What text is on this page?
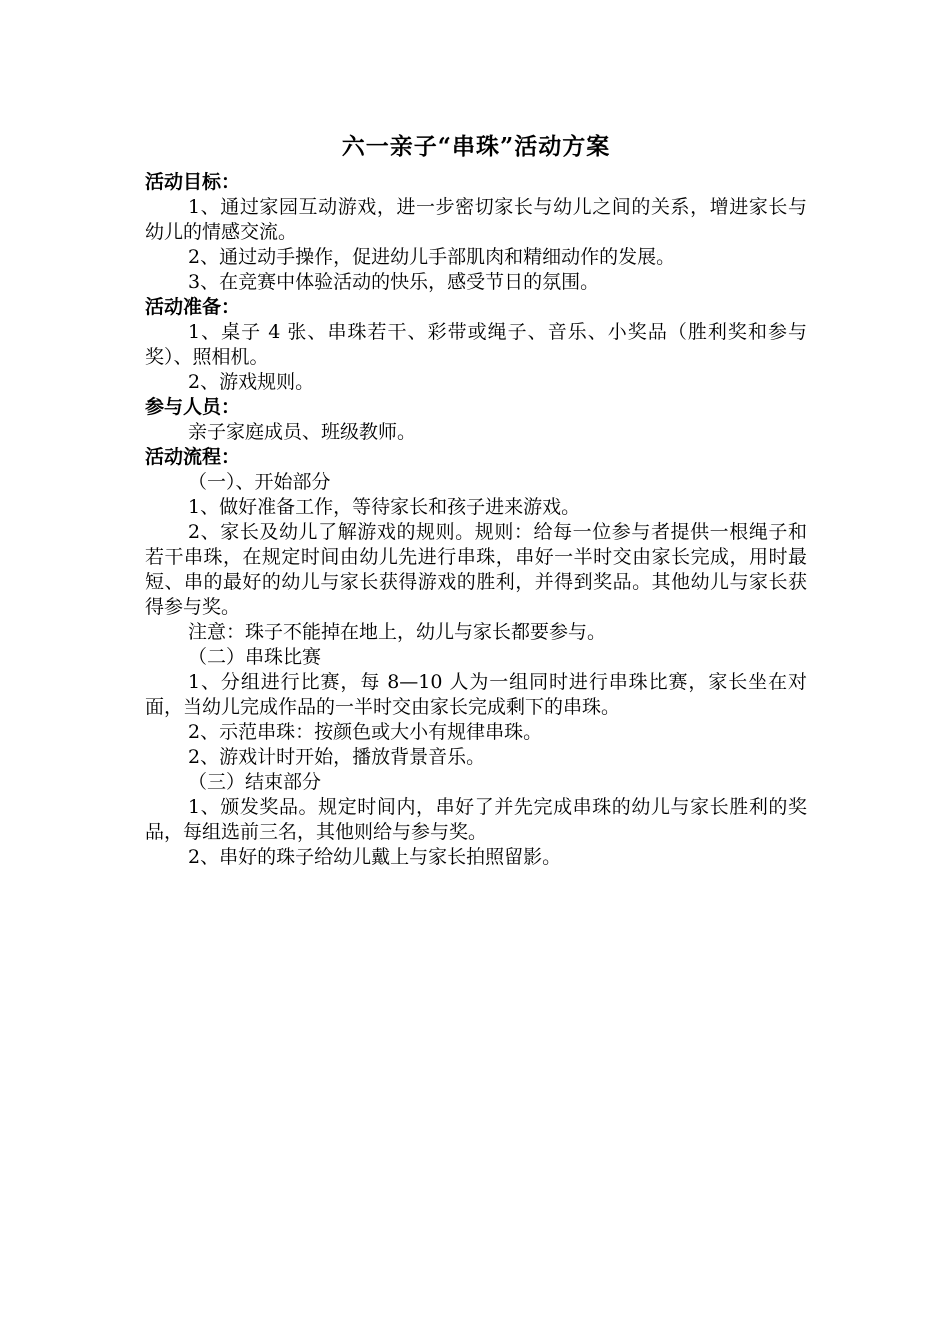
六一亲子“串珠”活动方案

活动目标：

1、通过家园互动游戏，进一步密切家长与幼儿之间的关系，增进家长与幼儿的情感交流。

2、通过动手操作，促进幼儿手部肌肉和精细动作的发展。

3、在竞赛中体验活动的快乐，感受节日的氛围。

活动准备：

1、桌子 4 张、串珠若干、彩带或绳子、音乐、小奖品（胜利奖和参与奖）、照相机。

2、游戏规则。

参与人员：

亲子家庭成员、班级教师。

活动流程：

（一）、开始部分

1、做好准备工作，等待家长和孩子进来游戏。

2、家长及幼儿了解游戏的规则。规则：给每一位参与者提供一根绳子和若干串珠，在规定时间由幼儿先进行串珠，串好一半时交由家长完成，用时最短、串的最好的幼儿与家长获得游戏的胜利，并得到奖品。其他幼儿与家长获得参与奖。

注意：珠子不能掉在地上，幼儿与家长都要参与。

（二）串珠比赛

1、分组进行比赛，每 8—10 人为一组同时进行串珠比赛，家长坐在对面，当幼儿完成作品的一半时交由家长完成剩下的串珠。

2、示范串珠：按颜色或大小有规律串珠。

2、游戏计时开始，播放背景音乐。

（三）结束部分

1、颁发奖品。规定时间内，串好了并先完成串珠的幼儿与家长胜利的奖品，每组选前三名，其他则给与参与奖。

2、串好的珠子给幼儿戴上与家长拍照留影。
